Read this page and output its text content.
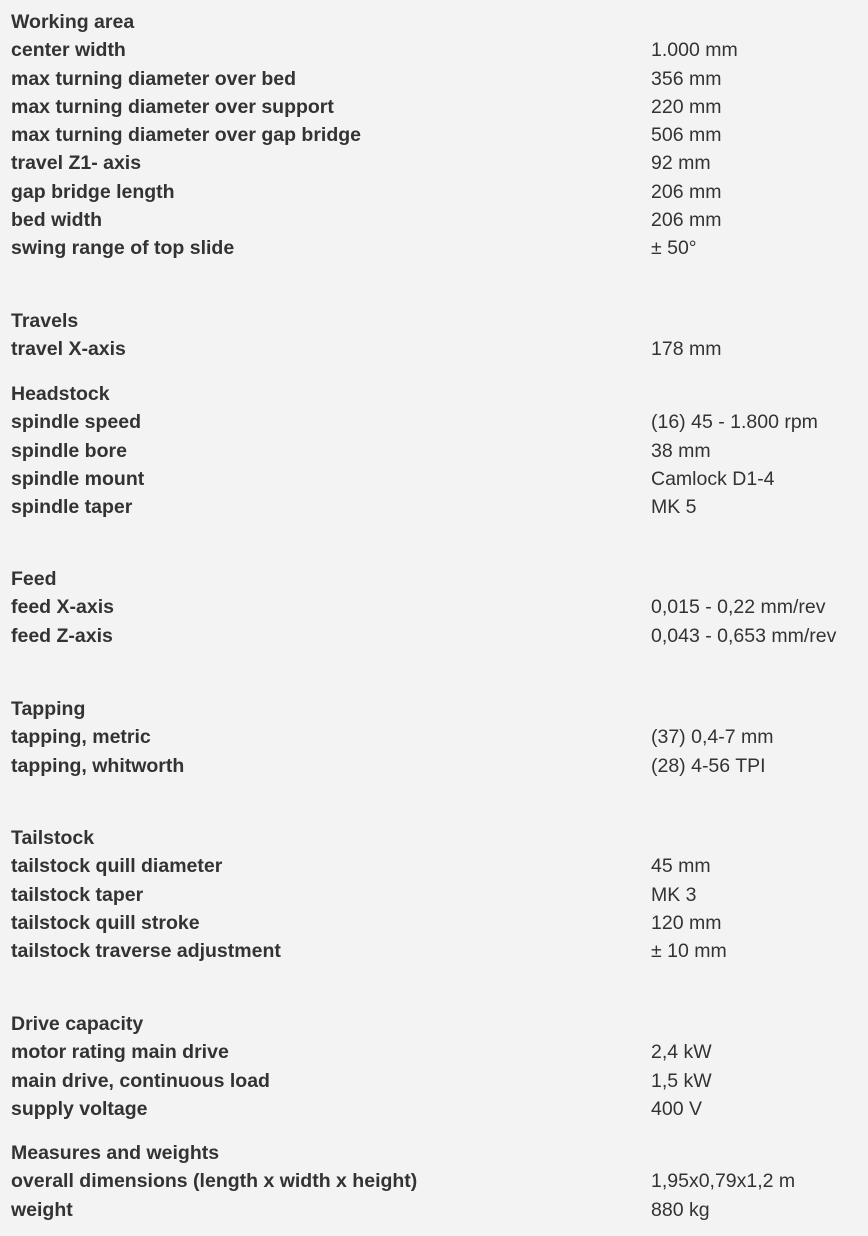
Working area
center width	1.000 mm
max turning diameter over bed	356 mm
max turning diameter over support	220 mm
max turning diameter over gap bridge	506 mm
travel Z1- axis	92 mm
gap bridge length	206 mm
bed width	206 mm
swing range of top slide	± 50°
Travels
travel X-axis	178 mm
Headstock
spindle speed	(16) 45 - 1.800 rpm
spindle bore	38 mm
spindle mount	Camlock D1-4
spindle taper	MK 5
Feed
feed X-axis	0,015 - 0,22 mm/rev
feed Z-axis	0,043 - 0,653 mm/rev
Tapping
tapping, metric	(37) 0,4-7 mm
tapping, whitworth	(28) 4-56 TPI
Tailstock
tailstock quill diameter	45 mm
tailstock taper	MK 3
tailstock quill stroke	120 mm
tailstock traverse adjustment	± 10 mm
Drive capacity
motor rating main drive	2,4 kW
main drive, continuous load	1,5 kW
supply voltage	400 V
Measures and weights
overall dimensions (length x width x height)	1,95x0,79x1,2 m
weight	880 kg
